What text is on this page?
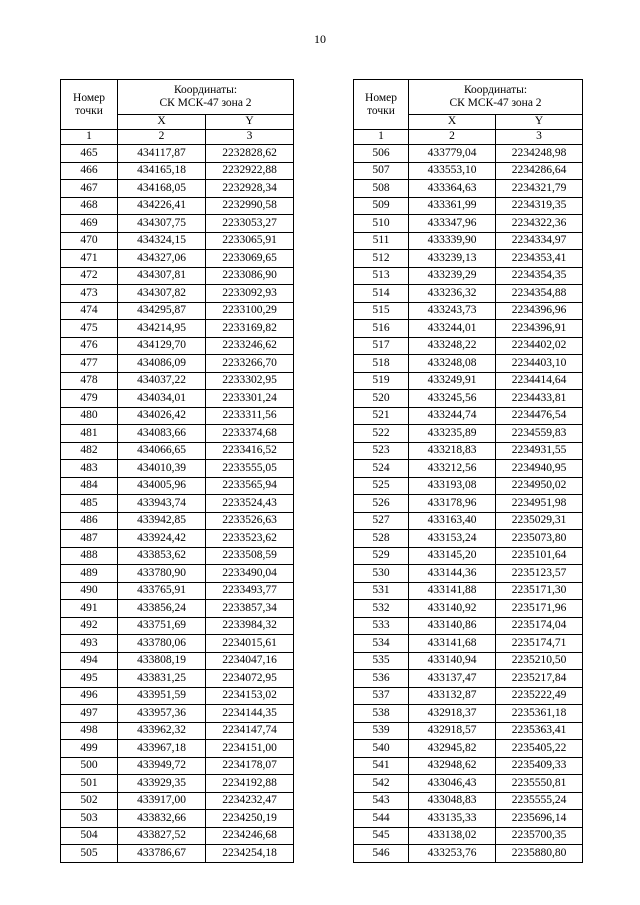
10
Номер точки	Координаты:
СК МСК-47 зона 2	
	X	Y
1	2	3
465	434117,87	2232828,62
466	434165,18	2232922,88
467	434168,05	2232928,34
468	434226,41	2232990,58
469	434307,75	2233053,27
470	434324,15	2233065,91
471	434327,06	2233069,65
472	434307,81	2233086,90
473	434307,82	2233092,93
474	434295,87	2233100,29
475	434214,95	2233169,82
476	434129,70	2233246,62
477	434086,09	2233266,70
478	434037,22	2233302,95
479	434034,01	2233301,24
480	434026,42	2233311,56
481	434083,66	2233374,68
482	434066,65	2233416,52
483	434010,39	2233555,05
484	434005,96	2233565,94
485	433943,74	2233524,43
486	433942,85	2233526,63
487	433924,42	2233523,62
488	433853,62	2233508,59
489	433780,90	2233490,04
490	433765,91	2233493,77
491	433856,24	2233857,34
492	433751,69	2233984,32
493	433780,06	2234015,61
494	433808,19	2234047,16
495	433831,25	2234072,95
496	433951,59	2234153,02
497	433957,36	2234144,35
498	433962,32	2234147,74
499	433967,18	2234151,00
500	433949,72	2234178,07
501	433929,35	2234192,88
502	433917,00	2234232,47
503	433832,66	2234250,19
504	433827,52	2234246,68
505	433786,67	2234254,18
Номер точки	Координаты:
СК МСК-47 зона 2	
	X	Y
1	2	3
506	433779,04	2234248,98
507	433553,10	2234286,64
508	433364,63	2234321,79
509	433361,99	2234319,35
510	433347,96	2234322,36
511	433339,90	2234334,97
512	433239,13	2234353,41
513	433239,29	2234354,35
514	433236,32	2234354,88
515	433243,73	2234396,96
516	433244,01	2234396,91
517	433248,22	2234402,02
518	433248,08	2234403,10
519	433249,91	2234414,64
520	433245,56	2234433,81
521	433244,74	2234476,54
522	433235,89	2234559,83
523	433218,83	2234931,55
524	433212,56	2234940,95
525	433193,08	2234950,02
526	433178,96	2234951,98
527	433163,40	2235029,31
528	433153,24	2235073,80
529	433145,20	2235101,64
530	433144,36	2235123,57
531	433141,88	2235171,30
532	433140,92	2235171,96
533	433140,86	2235174,04
534	433141,68	2235174,71
535	433140,94	2235210,50
536	433137,47	2235217,84
537	433132,87	2235222,49
538	432918,37	2235361,18
539	432918,57	2235363,41
540	432945,82	2235405,22
541	432948,62	2235409,33
542	433046,43	2235550,81
543	433048,83	2235555,24
544	433135,33	2235696,14
545	433138,02	2235700,35
546	433253,76	2235880,80
